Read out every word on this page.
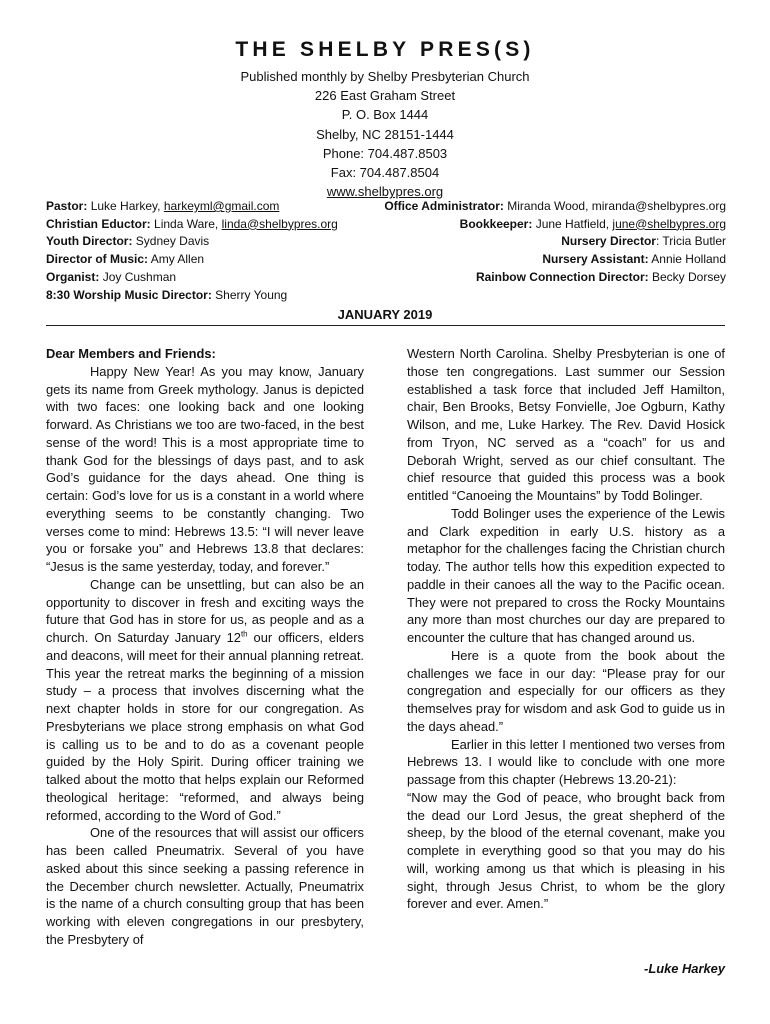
THE SHELBY PRES(S)
Published monthly by Shelby Presbyterian Church
226 East Graham Street
P. O. Box 1444
Shelby, NC 28151-1444
Phone: 704.487.8503
Fax: 704.487.8504
www.shelbypres.org
Pastor: Luke Harkey, harkeyml@gmail.com	Office Administrator: Miranda Wood, miranda@shelbypres.org
Christian Eductor: Linda Ware, linda@shelbypres.org	Bookkeeper: June Hatfield, june@shelbypres.org
Youth Director: Sydney Davis	Nursery Director: Tricia Butler
Director of Music: Amy Allen	Nursery Assistant: Annie Holland
Organist: Joy Cushman	Rainbow Connection Director: Becky Dorsey
8:30 Worship Music Director: Sherry Young
JANUARY 2019

Dear Members and Friends:

Happy New Year! As you may know, January gets its name from Greek mythology. Janus is depicted with two faces: one looking back and one looking forward. As Christians we too are two-faced, in the best sense of the word! This is a most appropriate time to thank God for the blessings of days past, and to ask God’s guidance for the days ahead. One thing is certain: God’s love for us is a constant in a world where everything seems to be constantly changing. Two verses come to mind: Hebrews 13.5: “I will never leave you or forsake you” and Hebrews 13.8 that declares: “Jesus is the same yesterday, today, and forever.”

Change can be unsettling, but can also be an opportunity to discover in fresh and exciting ways the future that God has in store for us, as people and as a church. On Saturday January 12th our officers, elders and deacons, will meet for their annual planning retreat. This year the retreat marks the beginning of a mission study – a process that involves discerning what the next chapter holds in store for our congregation. As Presbyterians we place strong emphasis on what God is calling us to be and to do as a covenant people guided by the Holy Spirit. During officer training we talked about the motto that helps explain our Reformed theological heritage: “reformed, and always being reformed, according to the Word of God.”

One of the resources that will assist our officers has been called Pneumatrix. Several of you have asked about this since seeking a passing reference in the December church newsletter. Actually, Pneumatrix is the name of a church consulting group that has been working with eleven congregations in our presbytery, the Presbytery of

Western North Carolina. Shelby Presbyterian is one of those ten congregations. Last summer our Session established a task force that included Jeff Hamilton, chair, Ben Brooks, Betsy Fonvielle, Joe Ogburn, Kathy Wilson, and me, Luke Harkey. The Rev. David Hosick from Tryon, NC served as a “coach” for us and Deborah Wright, served as our chief consultant. The chief resource that guided this process was a book entitled “Canoeing the Mountains” by Todd Bolinger.

Todd Bolinger uses the experience of the Lewis and Clark expedition in early U.S. history as a metaphor for the challenges facing the Christian church today. The author tells how this expedition expected to paddle in their canoes all the way to the Pacific ocean. They were not prepared to cross the Rocky Mountains any more than most churches our day are prepared to encounter the culture that has changed around us.

Here is a quote from the book about the challenges we face in our day: “Please pray for our congregation and especially for our officers as they themselves pray for wisdom and ask God to guide us in the days ahead.”

Earlier in this letter I mentioned two verses from Hebrews 13. I would like to conclude with one more passage from this chapter (Hebrews 13.20-21):

“Now may the God of peace, who brought back from the dead our Lord Jesus, the great shepherd of the sheep, by the blood of the eternal covenant, make you complete in everything good so that you may do his will, working among us that which is pleasing in his sight, through Jesus Christ, to whom be the glory forever and ever. Amen.”

-Luke Harkey
